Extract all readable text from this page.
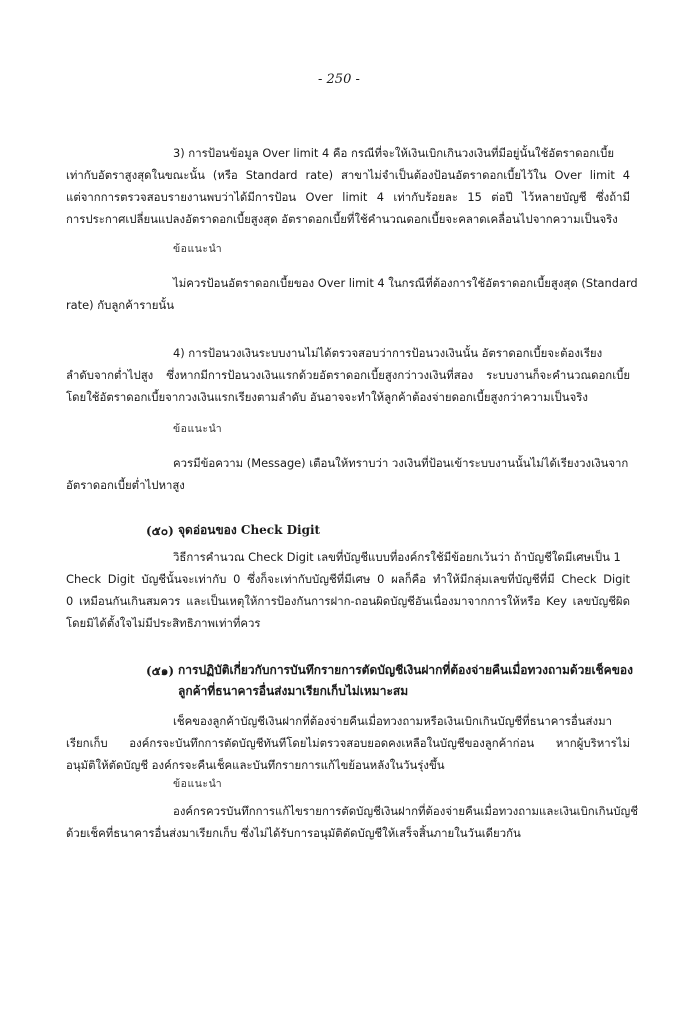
- 250 -
3) การป้อนข้อมูล Over limit 4 คือ กรณีที่จะให้เงินเบิกเกินวงเงินที่มีอยู่นั้นใช้อัตราดอกเบี้ย
เท่ากับอัตราสูงสุดในขณะนั้น (หรือ Standard rate) สาขาไม่จำเป็นต้องป้อนอัตราดอกเบี้ยไว้ใน Over limit 4
แต่จากการตรวจสอบรายงานพบว่าได้มีการป้อน Over limit 4 เท่ากับร้อยละ 15 ต่อปี ไว้หลายบัญชี ซึ่งถ้ามี
การประกาศเปลี่ยนแปลงอัตราดอกเบี้ยสูงสุด อัตราดอกเบี้ยที่ใช้คำนวณดอกเบี้ยจะคลาดเคลื่อนไปจากความเป็นจริง
ข้อแนะนำ
ไม่ควรป้อนอัตราดอกเบี้ยของ Over limit 4 ในกรณีที่ต้องการใช้อัตราดอกเบี้ยสูงสุด (Standard
rate) กับลูกค้ารายนั้น
4) การป้อนวงเงินระบบงานไม่ได้ตรวจสอบว่าการป้อนวงเงินนั้น อัตราดอกเบี้ยจะต้องเรียง
ลำดับจากต่ำไปสูง ซึ่งหากมีการป้อนวงเงินแรกด้วยอัตราดอกเบี้ยสูงกว่าวงเงินที่สอง ระบบงานก็จะคำนวณดอกเบี้ย
โดยใช้อัตราดอกเบี้ยจากวงเงินแรกเรียงตามลำดับ อันอาจจะทำให้ลูกค้าต้องจ่ายดอกเบี้ยสูงกว่าความเป็นจริง
ข้อแนะนำ
ควรมีข้อความ (Message) เตือนให้ทราบว่า วงเงินที่ป้อนเข้าระบบงานนั้นไม่ได้เรียงวงเงินจาก
อัตราดอกเบี้ยต่ำไปหาสูง
(๕๐) จุดอ่อนของ Check Digit
วิธีการคำนวณ Check Digit เลขที่บัญชีแบบที่องค์กรใช้มีข้อยกเว้นว่า ถ้าบัญชีใดมีเศษเป็น 1
Check Digit บัญชีนั้นจะเท่ากับ 0 ซึ่งก็จะเท่ากับบัญชีที่มีเศษ 0 ผลก็คือ ทำให้มีกลุ่มเลขที่บัญชีที่มี Check Digit
0 เหมือนกันเกินสมควร และเป็นเหตุให้การป้องกันการฝาก-ถอนผิดบัญชีอันเนื่องมาจากการให้หรือ Key เลขบัญชีผิด
โดยมิได้ตั้งใจไม่มีประสิทธิภาพเท่าที่ควร
(๕๑) การปฏิบัติเกี่ยวกับการบันทึกรายการตัดบัญชีเงินฝากที่ต้องจ่ายคืนเมื่อทวงถามด้วยเช็คของ
ลูกค้าที่ธนาคารอื่นส่งมาเรียกเก็บไม่เหมาะสม
เช็คของลูกค้าบัญชีเงินฝากที่ต้องจ่ายคืนเมื่อทวงถามหรือเงินเบิกเกินบัญชีที่ธนาคารอื่นส่งมา
เรียกเก็บ องค์กรจะบันทึกการตัดบัญชีทันทีโดยไม่ตรวจสอบยอดคงเหลือในบัญชีของลูกค้าก่อน หากผู้บริหารไม่
อนุมัติให้ตัดบัญชี องค์กรจะคืนเช็คและบันทึกรายการแก้ไขย้อนหลังในวันรุ่งขึ้น
ข้อแนะนำ
องค์กรควรบันทึกการแก้ไขรายการตัดบัญชีเงินฝากที่ต้องจ่ายคืนเมื่อทวงถามและเงินเบิกเกินบัญชี
ด้วยเช็คที่ธนาคารอื่นส่งมาเรียกเก็บ ซึ่งไม่ได้รับการอนุมัติตัดบัญชีให้เสร็จสิ้นภายในวันเดียวกัน
